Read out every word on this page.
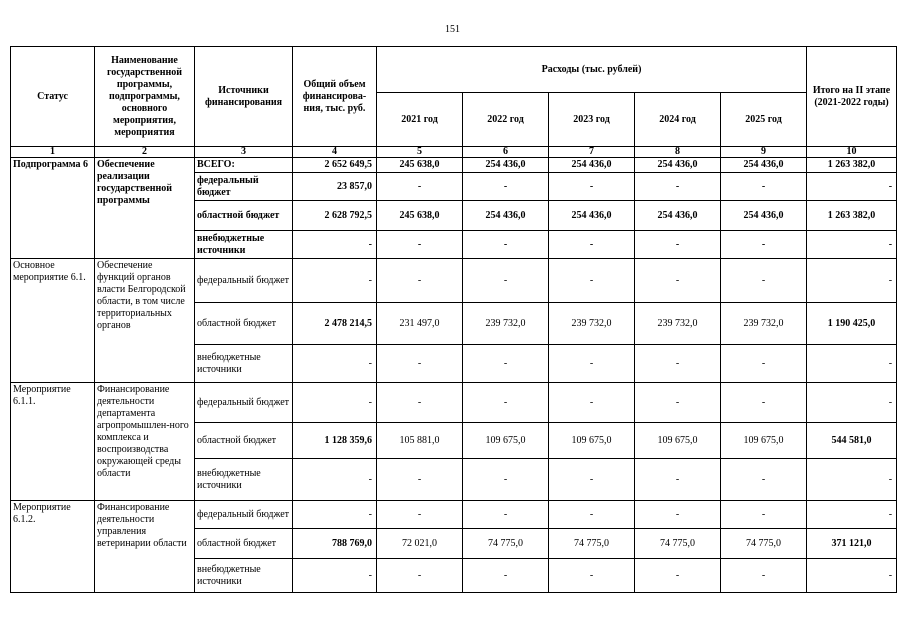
151
Статус	Наименование государственной программы, подпрограммы, основного мероприятия, мероприятия	Источники финансирования	Общий объем финансирова-ния, тыс. руб.	Расходы (тыс. рублей)					Итого на II этапе (2021-2022 годы)
				2021 год	2022 год	2023 год	2024 год	2025 год	
1	2	3	4	5	6	7	8	9	10
Подпрограмма 6	Обеспечение реализации государственной программы	ВСЕГО:	2 652 649,5	245 638,0	254 436,0	254 436,0	254 436,0	254 436,0	1 263 382,0
		федеральный бюджет	23 857,0	-	-	-	-	-	-
		областной бюджет	2 628 792,5	245 638,0	254 436,0	254 436,0	254 436,0	254 436,0	1 263 382,0
		внебюджетные источники	-	-	-	-	-	-	-
Основное мероприятие 6.1.	Обеспечение функций органов власти Белгородской области, в том числе территориальных органов	федеральный бюджет	-	-	-	-	-	-	-
		областной бюджет	2 478 214,5	231 497,0	239 732,0	239 732,0	239 732,0	239 732,0	1 190 425,0
		внебюджетные источники	-	-	-	-	-	-	-
Мероприятие 6.1.1.	Финансирование деятельности департамента агропромышлен-ного комплекса и воспроизводства окружающей среды области	федеральный бюджет	-	-	-	-	-	-	-
		областной бюджет	1 128 359,6	105 881,0	109 675,0	109 675,0	109 675,0	109 675,0	544 581,0
		внебюджетные источники	-	-	-	-	-	-	-
Мероприятие 6.1.2.	Финансирование деятельности управления ветеринарии области	федеральный бюджет	-	-	-	-	-	-	-
		областной бюджет	788 769,0	72 021,0	74 775,0	74 775,0	74 775,0	74 775,0	371 121,0
		внебюджетные источники	-	-	-	-	-	-	-
